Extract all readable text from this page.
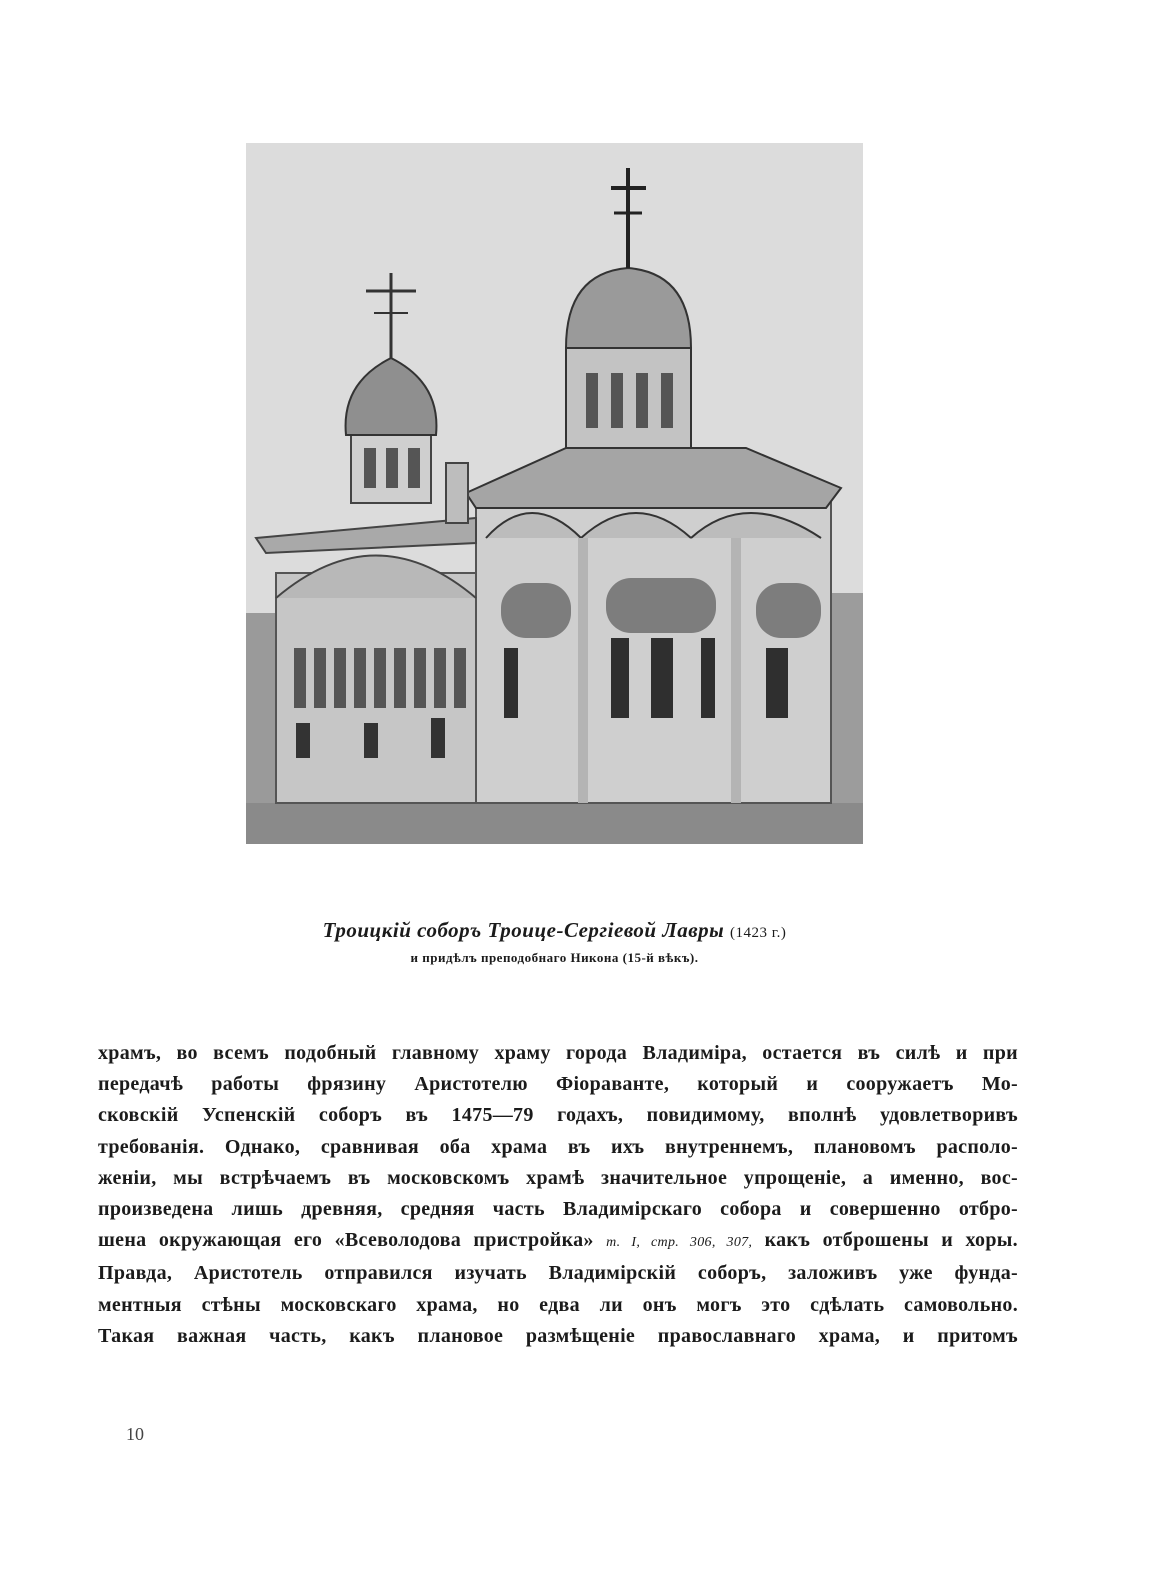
Троицкій соборъ Троице-Сергіевой Лавры (1423 г.)
и придѣлъ преподобнаго Никона (15-й вѣкъ).
храмъ, во всемъ подобный главному храму города Владиміра, остается въ силѣ и при
передачѣ работы фрязину Аристотелю Фіораванте, который и сооружаетъ Мо-
сковскій Успенскій соборъ въ 1475—79 годахъ, повидимому, вполнѣ удовлетворивъ
требованія. Однако, сравнивая оба храма въ ихъ внутреннемъ, плановомъ располо-
женіи, мы встрѣчаемъ въ московскомъ храмѣ значительное упрощеніе, а именно, вос-
произведена лишь древняя, средняя часть Владимірскаго собора и совершенно отбро-
шена окружающая его «Всеволодова пристройка» т. I, стр. 306, 307, какъ отброшены и хоры.
Правда, Аристотель отправился изучать Владимірскій соборъ, заложивъ уже фунда-
ментныя стѣны московскаго храма, но едва ли онъ могъ это сдѣлать самовольно.
Такая важная часть, какъ плановое размѣщеніе православнаго храма, и притомъ
10
